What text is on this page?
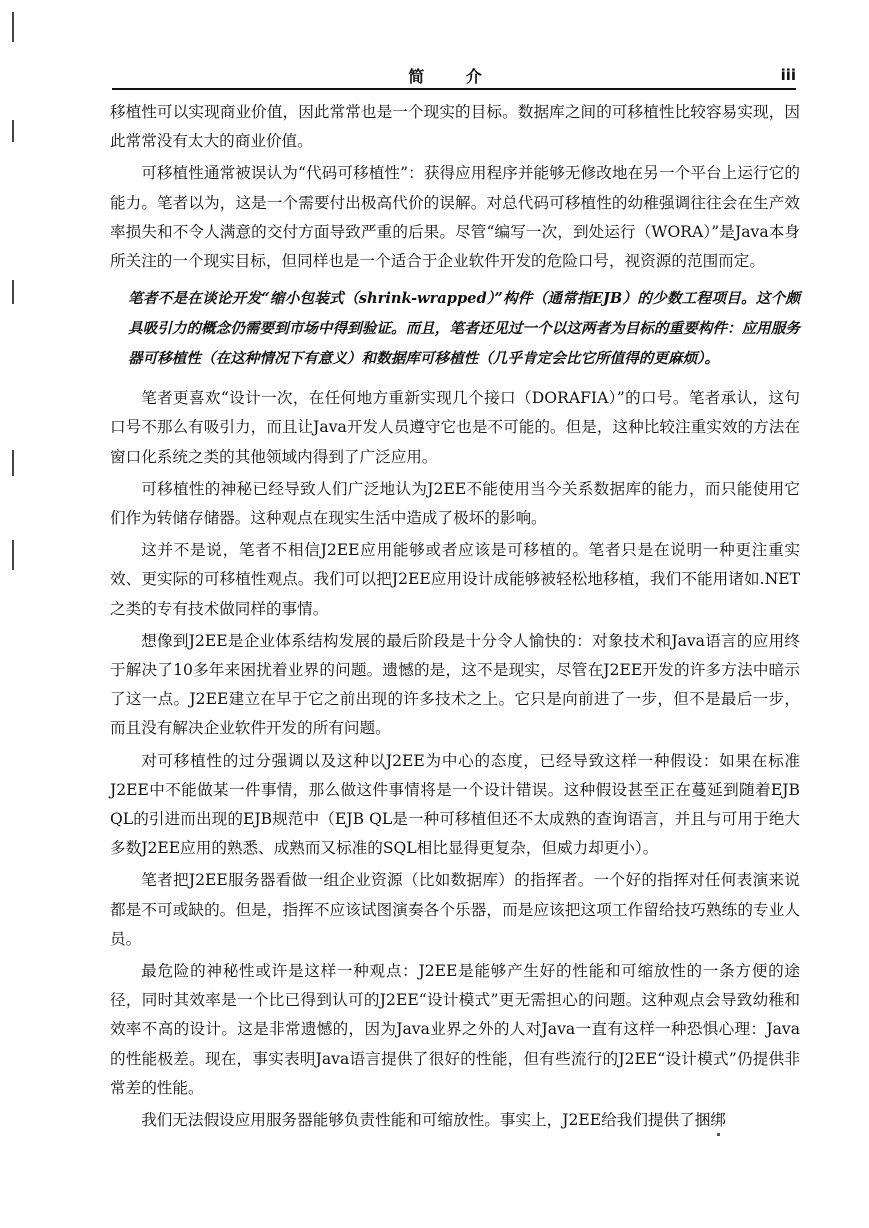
简 介	iii

移植性可以实现商业价值，因此常常也是一个现实的目标。数据库之间的可移植性比较容易实现，因此常常没有太大的商业价值。

可移植性通常被误认为“代码可移植性”：获得应用程序并能够无修改地在另一个平台上运行它的能力。笔者以为，这是一个需要付出极高代价的误解。对总代码可移植性的幼稚强调往往会在生产效率损失和不令人满意的交付方面导致严重的后果。尽管“编写一次，到处运行（WORA）”是Java本身所关注的一个现实目标，但同样也是一个适合于企业软件开发的危险口号，视资源的范围而定。

笔者不是在谈论开发“缩小包装式（shrink-wrapped）”构件（通常指EJB）的少数工程项目。这个颇具吸引力的概念仍需要到市场中得到验证。而且，笔者还见过一个以这两者为目标的重要构件：应用服务器可移植性（在这种情况下有意义）和数据库可移植性（几乎肯定会比它所值得的更麻烦）。

笔者更喜欢“设计一次，在任何地方重新实现几个接口（DORAFIA）”的口号。笔者承认，这句口号不那么有吸引力，而且让Java开发人员遵守它也是不可能的。但是，这种比较注重实效的方法在窗口化系统之类的其他领域内得到了广泛应用。

可移植性的神秘已经导致人们广泛地认为J2EE不能使用当今关系数据库的能力，而只能使用它们作为转储存储器。这种观点在现实生活中造成了极坏的影响。

这并不是说，笔者不相信J2EE应用能够或者应该是可移植的。笔者只是在说明一种更注重实效、更实际的可移植性观点。我们可以把J2EE应用设计成能够被轻松地移植，我们不能用诸如.NET之类的专有技术做同样的事情。

想像到J2EE是企业体系结构发展的最后阶段是十分令人愉快的：对象技术和Java语言的应用终于解决了10多年来困扰着业界的问题。遗憾的是，这不是现实，尽管在J2EE开发的许多方法中暗示了这一点。J2EE建立在早于它之前出现的许多技术之上。它只是向前进了一步，但不是最后一步，而且没有解决企业软件开发的所有问题。

对可移植性的过分强调以及这种以J2EE为中心的态度，已经导致这样一种假设：如果在标准J2EE中不能做某一件事情，那么做这件事情将是一个设计错误。这种假设甚至正在蔓延到随着EJB QL的引进而出现的EJB规范中（EJB QL是一种可移植但还不太成熟的查询语言，并且与可用于绝大多数J2EE应用的熟悉、成熟而又标准的SQL相比显得更复杂，但威力却更小）。

笔者把J2EE服务器看做一组企业资源（比如数据库）的指挥者。一个好的指挥对任何表演来说都是不可或缺的。但是，指挥不应该试图演奏各个乐器，而是应该把这项工作留给技巧熟练的专业人员。

最危险的神秘性或许是这样一种观点：J2EE是能够产生好的性能和可缩放性的一条方便的途径，同时其效率是一个比已得到认可的J2EE“设计模式”更无需担心的问题。这种观点会导致幼稚和效率不高的设计。这是非常遗憾的，因为Java业界之外的人对Java一直有这样一种恐惧心理：Java的性能极差。现在，事实表明Java语言提供了很好的性能，但有些流行的J2EE“设计模式”仍提供非常差的性能。

我们无法假设应用服务器能够负责性能和可缩放性。事实上，J2EE给我们提供了捆绑
